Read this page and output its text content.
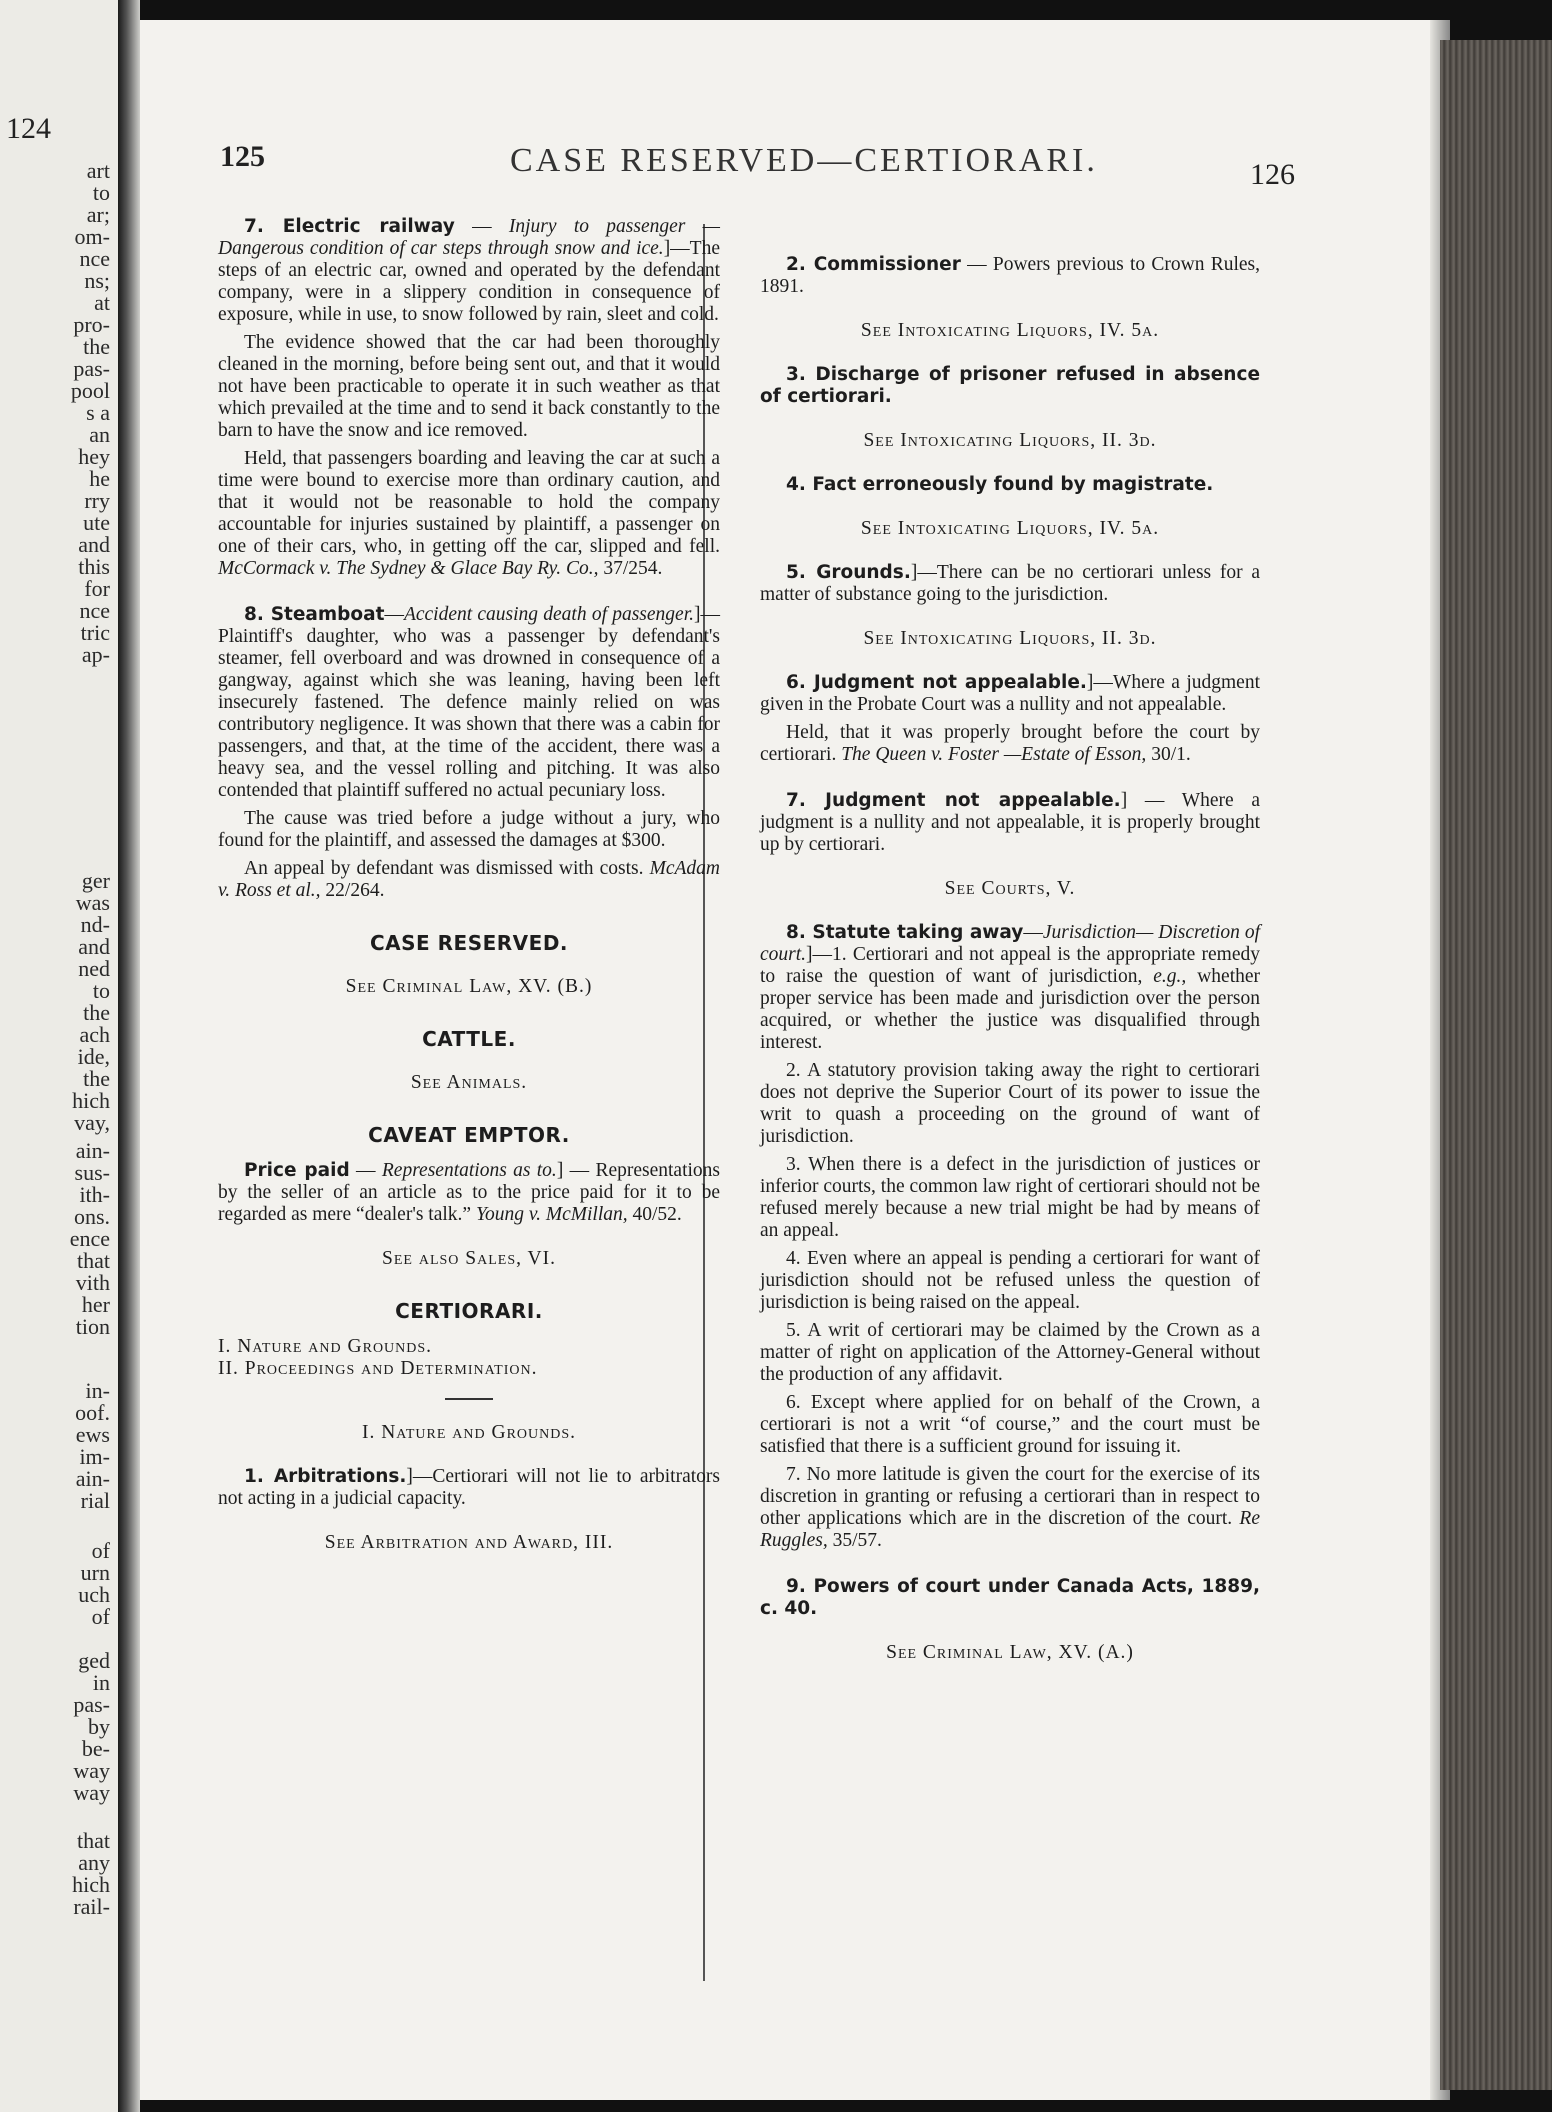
124
art
to
ar;
om-
nce
ns;
at
pro-
the
pas-
pool
s a
an
hey
he
rry
ute
and
this
for
nce
tric
ap-
ger
was
nd-
and
ned
to
the
ach
ide,
the
hich
vay,
ain-
sus-
ith-
ons.
ence
that
vith
her
tion
in-
oof.
ews
im-
ain-
rial
of
urn
uch
of
ged
in
pas-
by
be-
way
way
that
any
hich
rail-
125	CASE RESERVED—CERTIORARI.	126

7. Electric railway — Injury to passenger — Dangerous condition of car steps through snow and ice.]—The steps of an electric car, owned and operated by the defendant company, were in a slippery condition in consequence of exposure, while in use, to snow followed by rain, sleet and cold.

The evidence showed that the car had been thoroughly cleaned in the morning, before being sent out, and that it would not have been practicable to operate it in such weather as that which prevailed at the time and to send it back constantly to the barn to have the snow and ice removed.

Held, that passengers boarding and leaving the car at such a time were bound to exercise more than ordinary caution, and that it would not be reasonable to hold the company accountable for injuries sustained by plaintiff, a passenger on one of their cars, who, in getting off the car, slipped and fell. McCormack v. The Sydney & Glace Bay Ry. Co., 37/254.

8. Steamboat—Accident causing death of passenger.]—Plaintiff's daughter, who was a passenger by defendant's steamer, fell overboard and was drowned in consequence of a gangway, against which she was leaning, having been left insecurely fastened. The defence mainly relied on was contributory negligence. It was shown that there was a cabin for passengers, and that, at the time of the accident, there was a heavy sea, and the vessel rolling and pitching. It was also contended that plaintiff suffered no actual pecuniary loss.

The cause was tried before a judge without a jury, who found for the plaintiff, and assessed the damages at $300.

An appeal by defendant was dismissed with costs. McAdam v. Ross et al., 22/264.

CASE RESERVED.

See Criminal Law, XV. (B.)

CATTLE.

See Animals.

CAVEAT EMPTOR.

Price paid — Representations as to.] — Representations by the seller of an article as to the price paid for it to be regarded as mere “dealer's talk.” Young v. McMillan, 40/52.

See also Sales, VI.

CERTIORARI.
I. Nature and Grounds.
II. Proceedings and Determination.

I. Nature and Grounds.

1. Arbitrations.]—Certiorari will not lie to arbitrators not acting in a judicial capacity.

See Arbitration and Award, III.

2. Commissioner — Powers previous to Crown Rules, 1891.

See Intoxicating Liquors, IV. 5a.

3. Discharge of prisoner refused in absence of certiorari.

See Intoxicating Liquors, II. 3d.

4. Fact erroneously found by magistrate.

See Intoxicating Liquors, IV. 5a.

5. Grounds.]—There can be no certiorari unless for a matter of substance going to the jurisdiction.

See Intoxicating Liquors, II. 3d.

6. Judgment not appealable.]—Where a judgment given in the Probate Court was a nullity and not appealable.

Held, that it was properly brought before the court by certiorari. The Queen v. Foster —Estate of Esson, 30/1.

7. Judgment not appealable.] — Where a judgment is a nullity and not appealable, it is properly brought up by certiorari.

See Courts, V.

8. Statute taking away—Jurisdiction— Discretion of court.]—1. Certiorari and not appeal is the appropriate remedy to raise the question of want of jurisdiction, e.g., whether proper service has been made and jurisdiction over the person acquired, or whether the justice was disqualified through interest.

2. A statutory provision taking away the right to certiorari does not deprive the Superior Court of its power to issue the writ to quash a proceeding on the ground of want of jurisdiction.

3. When there is a defect in the jurisdiction of justices or inferior courts, the common law right of certiorari should not be refused merely because a new trial might be had by means of an appeal.

4. Even where an appeal is pending a certiorari for want of jurisdiction should not be refused unless the question of jurisdiction is being raised on the appeal.

5. A writ of certiorari may be claimed by the Crown as a matter of right on application of the Attorney-General without the production of any affidavit.

6. Except where applied for on behalf of the Crown, a certiorari is not a writ “of course,” and the court must be satisfied that there is a sufficient ground for issuing it.

7. No more latitude is given the court for the exercise of its discretion in granting or refusing a certiorari than in respect to other applications which are in the discretion of the court. Re Ruggles, 35/57.

9. Powers of court under Canada Acts, 1889, c. 40.

See Criminal Law, XV. (A.)
